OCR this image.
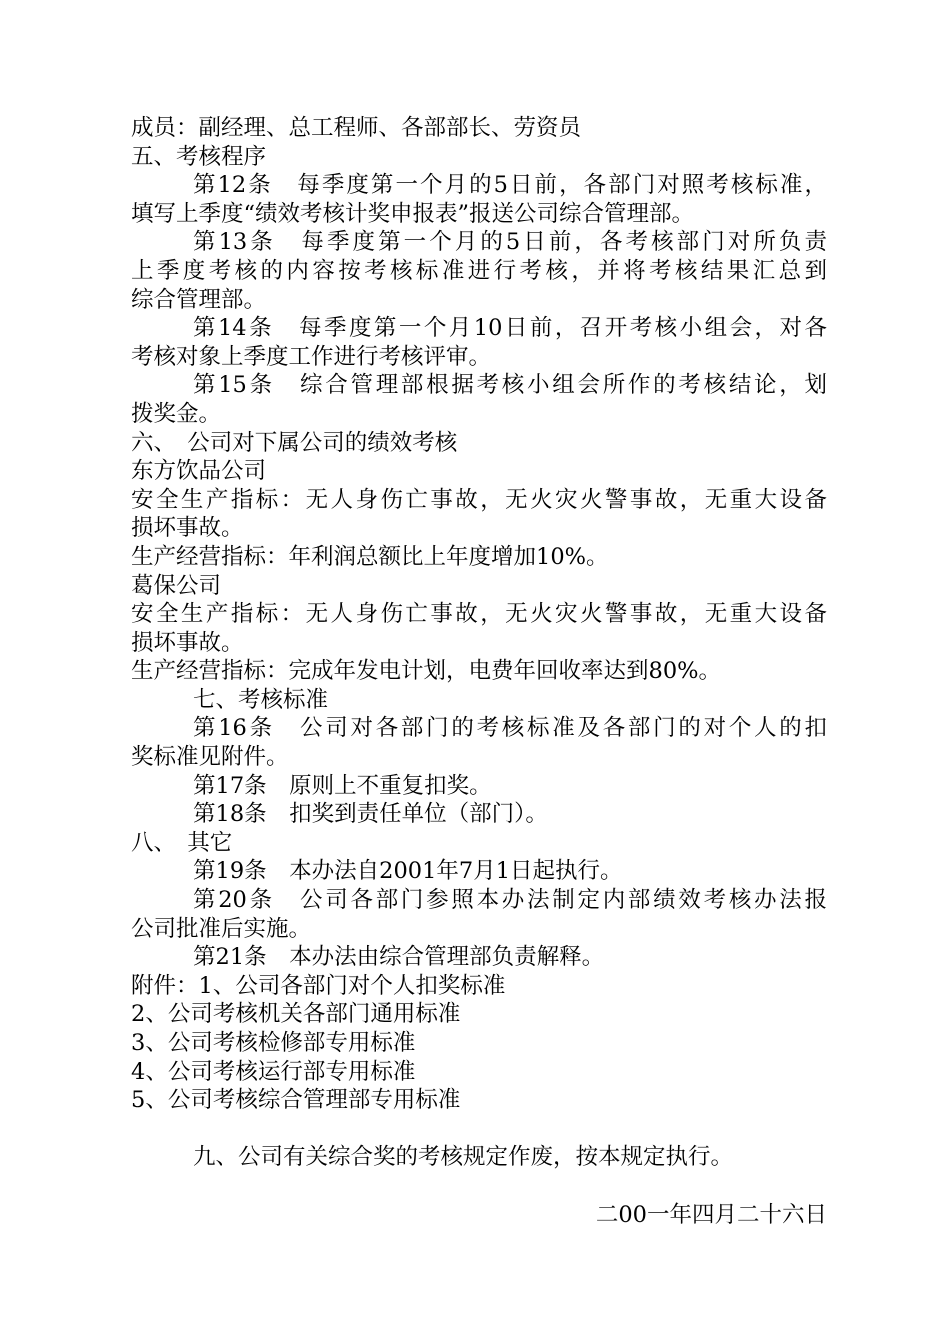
成员：副经理、总工程师、各部部长、劳资员
五、考核程序
第12条　每季度第一个月的5日前，各部门对照考核标准，
填写上季度“绩效考核计奖申报表”报送公司综合管理部。
第13条　每季度第一个月的5日前，各考核部门对所负责
上季度考核的内容按考核标准进行考核，并将考核结果汇总到
综合管理部。
第14条　每季度第一个月10日前，召开考核小组会，对各
考核对象上季度工作进行考核评审。
第15条　综合管理部根据考核小组会所作的考核结论，划
拨奖金。
六、　公司对下属公司的绩效考核
东方饮品公司
安全生产指标：无人身伤亡事故，无火灾火警事故，无重大设备
损坏事故。
生产经营指标：年利润总额比上年度增加10%。
葛保公司
安全生产指标：无人身伤亡事故，无火灾火警事故，无重大设备
损坏事故。
生产经营指标：完成年发电计划，电费年回收率达到80%。
七、考核标准
第16条　公司对各部门的考核标准及各部门的对个人的扣
奖标准见附件。
第17条　原则上不重复扣奖。
第18条　扣奖到责任单位（部门）。
八、　其它
第19条　本办法自2001年7月1日起执行。
第20条　公司各部门参照本办法制定内部绩效考核办法报
公司批准后实施。
第21条　本办法由综合管理部负责解释。
附件：1、公司各部门对个人扣奖标准
2、公司考核机关各部门通用标准
3、公司考核检修部专用标准
4、公司考核运行部专用标准
5、公司考核综合管理部专用标准
九、公司有关综合奖的考核规定作废，按本规定执行。
二00一年四月二十六日
